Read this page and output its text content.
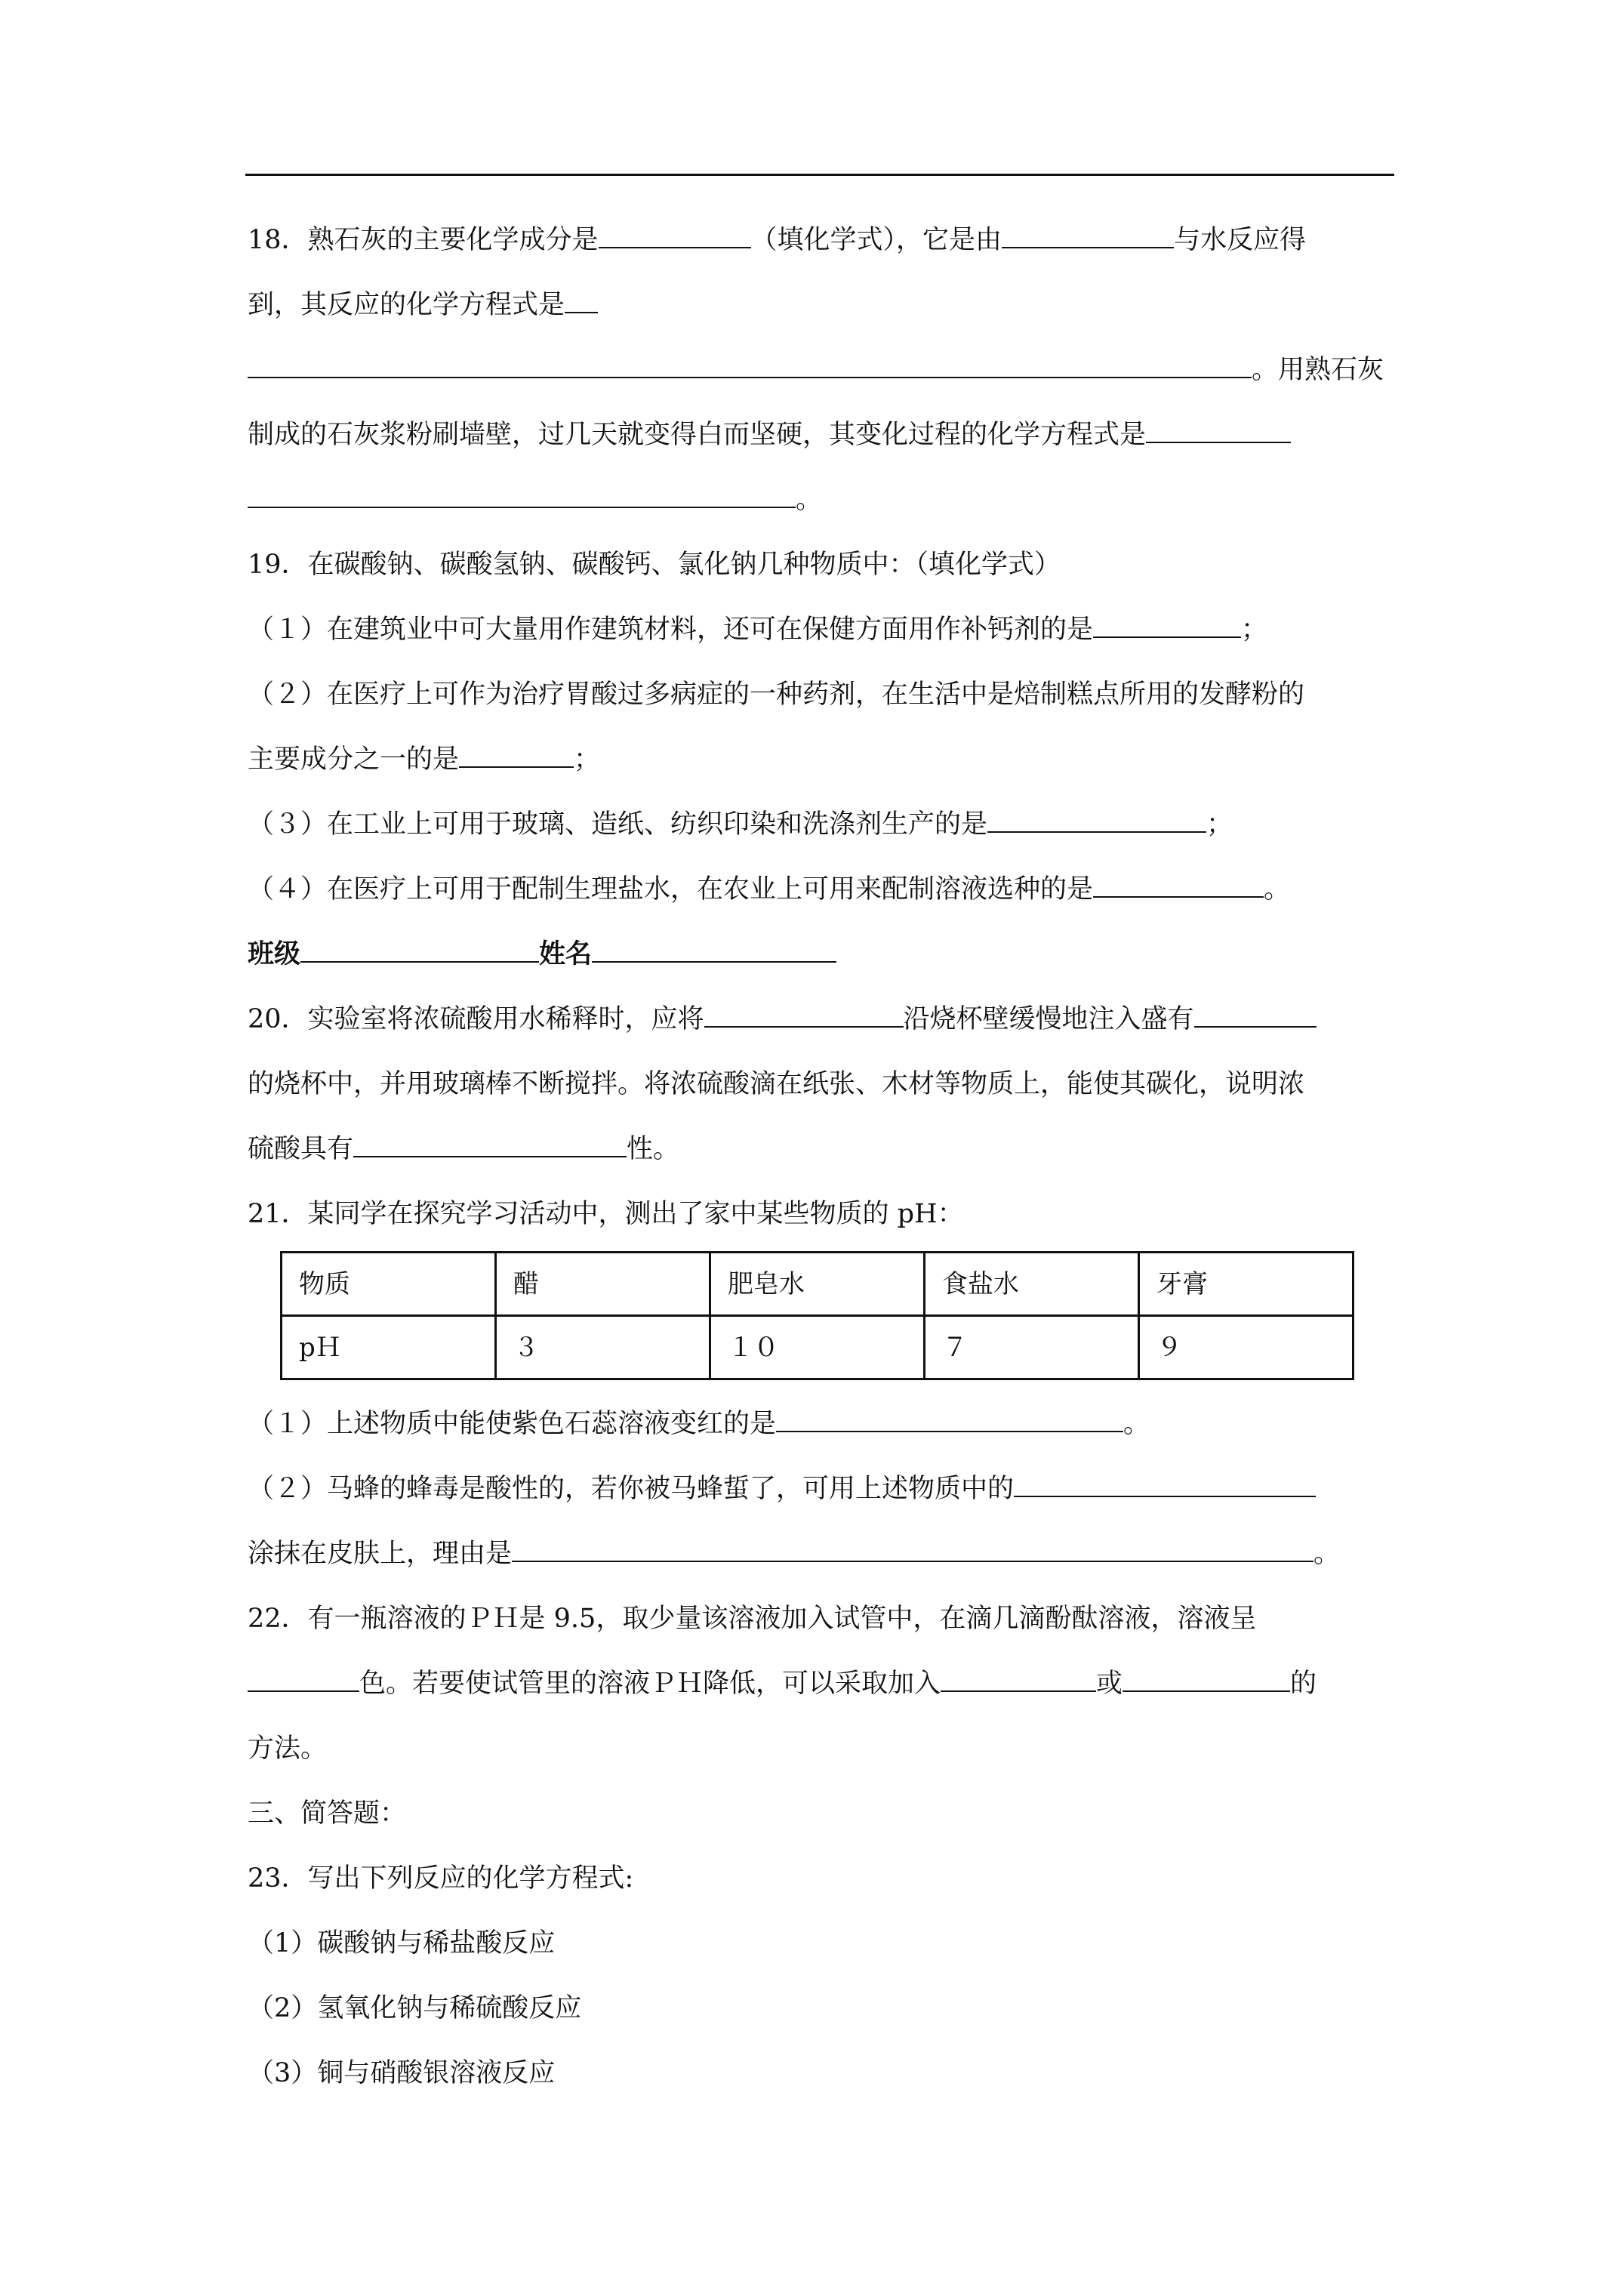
18．熟石灰的主要化学成分是	（填化学式），它是由	与水反应得
到，其反应的化学方程式是
。用熟石灰
制成的石灰浆粉刷墙壁，过几天就变得白而坚硬，其变化过程的化学方程式是
。
19．在碳酸钠、碳酸氢钠、碳酸钙、氯化钠几种物质中：（填化学式）
（１）在建筑业中可大量用作建筑材料，还可在保健方面用作补钙剂的是	；
（２）在医疗上可作为治疗胃酸过多病症的一种药剂，在生活中是焙制糕点所用的发酵粉的
主要成分之一的是	；
（３）在工业上可用于玻璃、造纸、纺织印染和洗涤剂生产的是	；
（４）在医疗上可用于配制生理盐水，在农业上可用来配制溶液选种的是	。
班级	姓名
20．实验室将浓硫酸用水稀释时，应将	沿烧杯壁缓慢地注入盛有
的烧杯中，并用玻璃棒不断搅拌。将浓硫酸滴在纸张、木材等物质上，能使其碳化，说明浓
硫酸具有	性。
21．某同学在探究学习活动中，测出了家中某些物质的 pH：
物质	醋	肥皂水	食盐水	牙膏
pＨ	３	１０	７	９
（１）上述物质中能使紫色石蕊溶液变红的是	。
（２）马蜂的蜂毒是酸性的，若你被马蜂蜇了，可用上述物质中的
涂抹在皮肤上，理由是	。
22．有一瓶溶液的ＰＨ是 9.5，取少量该溶液加入试管中，在滴几滴酚酞溶液，溶液呈
色。若要使试管里的溶液ＰＨ降低，可以采取加入	或	的
方法。
三、简答题：
23．写出下列反应的化学方程式:
（1）碳酸钠与稀盐酸反应
（2）氢氧化钠与稀硫酸反应
（3）铜与硝酸银溶液反应
